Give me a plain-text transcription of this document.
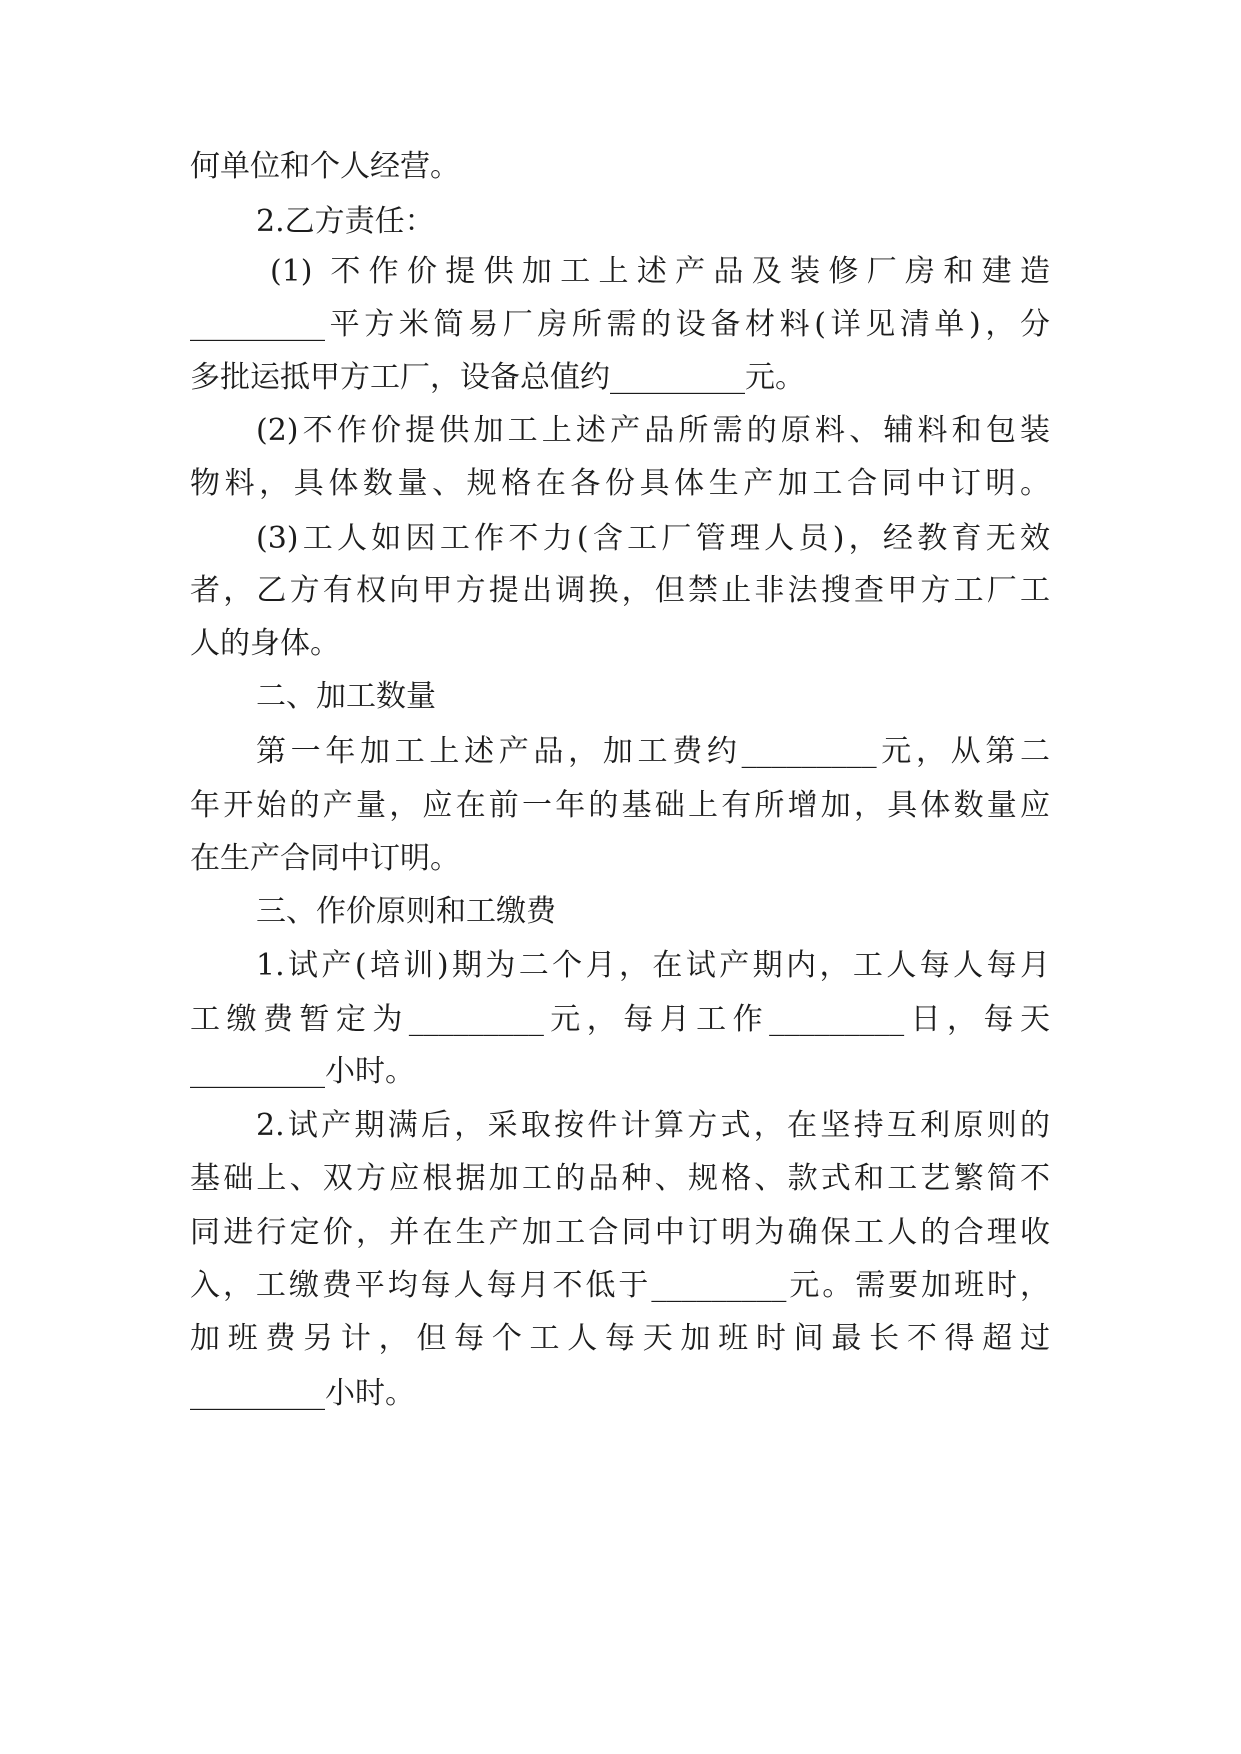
何单位和个人经营。
2.乙方责任：
(1) 不作价提供加工上述产品及装修厂房和建造
_________平方米简易厂房所需的设备材料(详见清单)，分
多批运抵甲方工厂，设备总值约_________元。
(2)不作价提供加工上述产品所需的原料、辅料和包装
物料，具体数量、规格在各份具体生产加工合同中订明。
(3)工人如因工作不力(含工厂管理人员)，经教育无效
者，乙方有权向甲方提出调换，但禁止非法搜查甲方工厂工
人的身体。
二、加工数量
第一年加工上述产品，加工费约_________元，从第二
年开始的产量，应在前一年的基础上有所增加，具体数量应
在生产合同中订明。
三、作价原则和工缴费
1.试产(培训)期为二个月，在试产期内，工人每人每月
工缴费暂定为_________元，每月工作_________日，每天
_________小时。
2.试产期满后，采取按件计算方式，在坚持互利原则的
基础上、双方应根据加工的品种、规格、款式和工艺繁简不
同进行定价，并在生产加工合同中订明为确保工人的合理收
入，工缴费平均每人每月不低于_________元。需要加班时，
加班费另计，但每个工人每天加班时间最长不得超过
_________小时。
